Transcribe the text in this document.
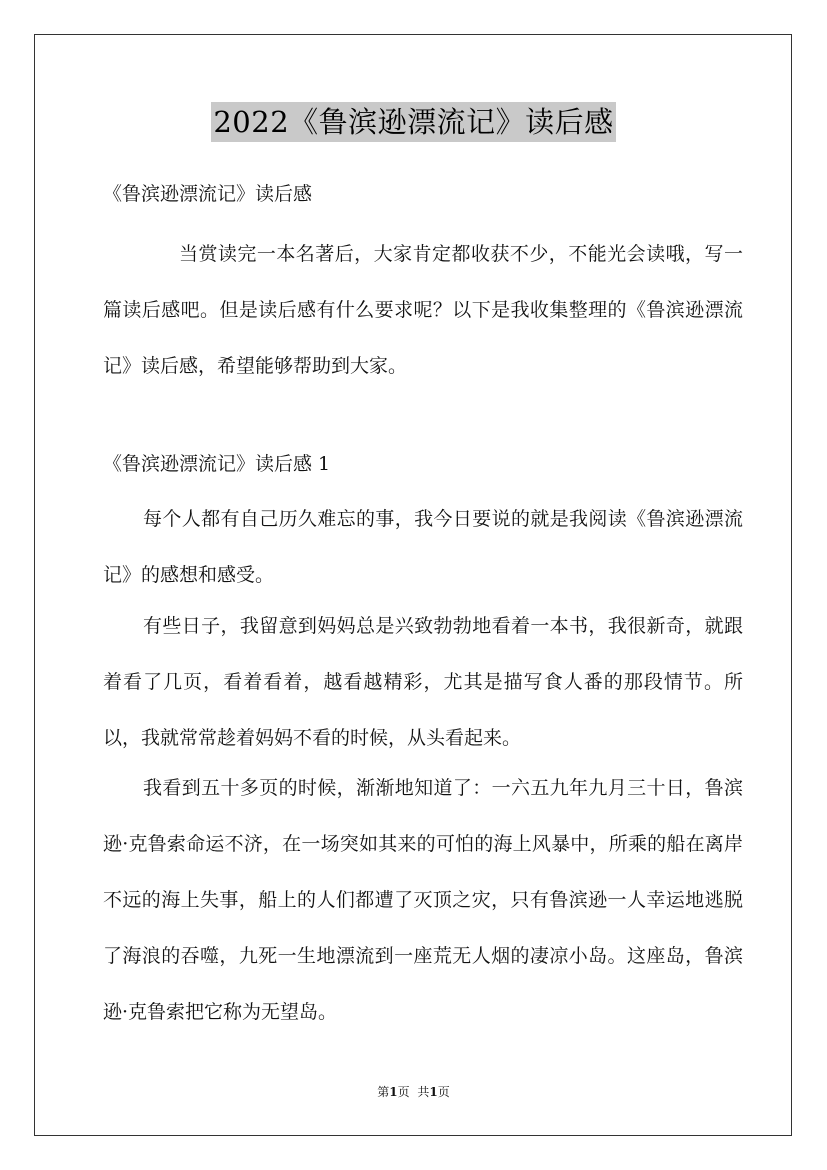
2022《鲁滨逊漂流记》读后感
《鲁滨逊漂流记》读后感

当赏读完一本名著后，大家肯定都收获不少，不能光会读哦，写一篇读后感吧。但是读后感有什么要求呢？以下是我收集整理的《鲁滨逊漂流记》读后感，希望能够帮助到大家。

《鲁滨逊漂流记》读后感 1

每个人都有自己历久难忘的事，我今日要说的就是我阅读《鲁滨逊漂流记》的感想和感受。

有些日子，我留意到妈妈总是兴致勃勃地看着一本书，我很新奇，就跟着看了几页，看着看着，越看越精彩，尤其是描写食人番的那段情节。所以，我就常常趁着妈妈不看的时候，从头看起来。

我看到五十多页的时候，渐渐地知道了：一六五九年九月三十日，鲁滨逊·克鲁索命运不济，在一场突如其来的可怕的海上风暴中，所乘的船在离岸不远的海上失事，船上的人们都遭了灭顶之灾，只有鲁滨逊一人幸运地逃脱了海浪的吞噬，九死一生地漂流到一座荒无人烟的凄凉小岛。这座岛，鲁滨逊·克鲁索把它称为无望岛。

第1页 共1页
